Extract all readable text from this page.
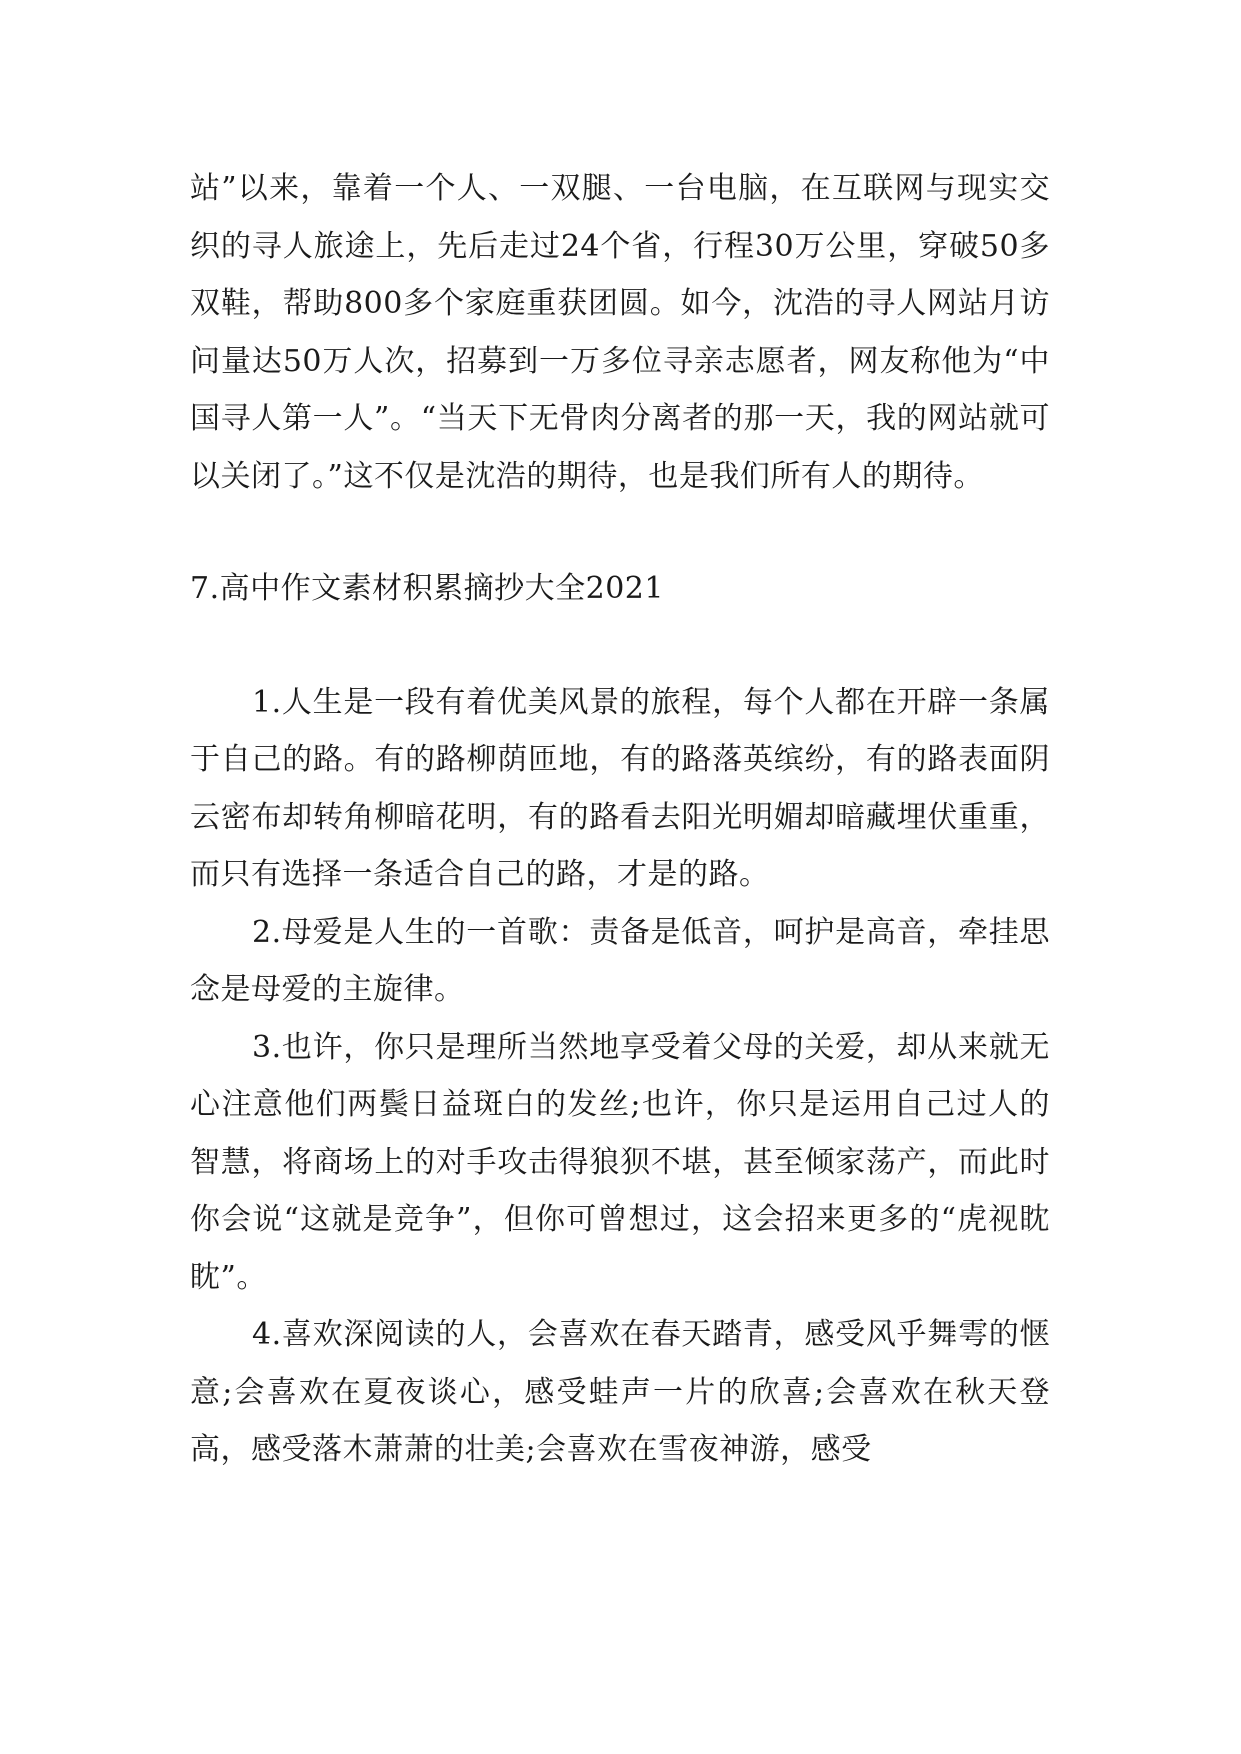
站”以来，靠着一个人、一双腿、一台电脑，在互联网与现实交织的寻人旅途上，先后走过24个省，行程30万公里，穿破50多双鞋，帮助800多个家庭重获团圆。如今，沈浩的寻人网站月访问量达50万人次，招募到一万多位寻亲志愿者，网友称他为“中国寻人第一人”。“当天下无骨肉分离者的那一天，我的网站就可以关闭了。”这不仅是沈浩的期待，也是我们所有人的期待。

7.高中作文素材积累摘抄大全2021

1.人生是一段有着优美风景的旅程，每个人都在开辟一条属于自己的路。有的路柳荫匝地，有的路落英缤纷，有的路表面阴云密布却转角柳暗花明，有的路看去阳光明媚却暗藏埋伏重重，而只有选择一条适合自己的路，才是的路。

2.母爱是人生的一首歌：责备是低音，呵护是高音，牵挂思念是母爱的主旋律。

3.也许，你只是理所当然地享受着父母的关爱，却从来就无心注意他们两鬓日益斑白的发丝;也许，你只是运用自己过人的智慧，将商场上的对手攻击得狼狈不堪，甚至倾家荡产，而此时你会说“这就是竞争”，但你可曾想过，这会招来更多的“虎视眈眈”。

4.喜欢深阅读的人，会喜欢在春天踏青，感受风乎舞雩的惬意;会喜欢在夏夜谈心，感受蛙声一片的欣喜;会喜欢在秋天登高，感受落木萧萧的壮美;会喜欢在雪夜神游，感受
